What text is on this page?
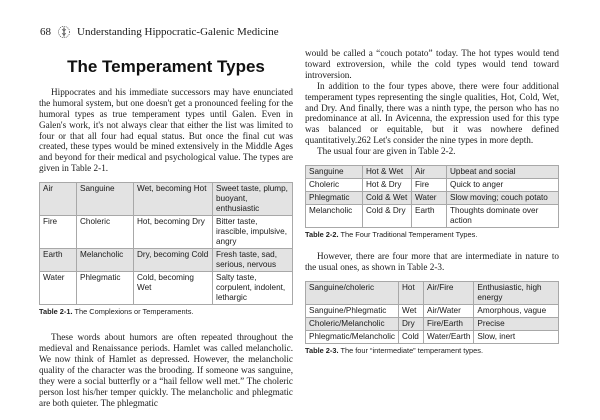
68 Understanding Hippocratic-Galenic Medicine
The Temperament Types

Hippocrates and his immediate successors may have enunciated the humoral system, but one doesn't get a pronounced feeling for the humoral types as true temperament types until Galen. Even in Galen's work, it's not always clear that either the list was limited to four or that all four had equal status. But once the final cut was created, these types would be mined extensively in the Middle Ages and beyond for their medical and psychological value. The types are given in Table 2-1.

Air	Sanguine	Wet, becoming Hot	Sweet taste, plump, buoyant, enthusiastic
Fire	Choleric	Hot, becoming Dry	Bitter taste, irascible, impulsive, angry
Earth	Melancholic	Dry, becoming Cold	Fresh taste, sad, serious, nervous
Water	Phlegmatic	Cold, becoming Wet	Salty taste, corpulent, indolent, lethargic
Table 2-1. The Complexions or Temperaments.

These words about humors are often repeated throughout the medieval and Renaissance periods. Hamlet was called melancholic. We now think of Hamlet as depressed. However, the melancholic quality of the character was the brooding. If someone was sanguine, they were a social butterfly or a “hail fellow well met.” The choleric person lost his/her temper quickly. The melancholic and phlegmatic are both quieter. The phlegmatic

would be called a “couch potato” today. The hot types would tend toward extroversion, while the cold types would tend toward introversion.

In addition to the four types above, there were four additional temperament types representing the single qualities, Hot, Cold, Wet, and Dry. And finally, there was a ninth type, the person who has no predominance at all. In Avicenna, the expression used for this type was balanced or equitable, but it was nowhere defined quantitatively.262 Let's consider the nine types in more depth.

The usual four are given in Table 2-2.

Sanguine	Hot & Wet	Air	Upbeat and social
Choleric	Hot & Dry	Fire	Quick to anger
Phlegmatic	Cold & Wet	Water	Slow moving; couch potato
Melancholic	Cold & Dry	Earth	Thoughts dominate over action
Table 2-2. The Four Traditional Temperament Types.

However, there are four more that are intermediate in nature to the usual ones, as shown in Table 2-3.

Sanguine/choleric	Hot	Air/Fire	Enthusiastic, high energy
Sanguine/Phlegmatic	Wet	Air/Water	Amorphous, vague
Choleric/Melancholic	Dry	Fire/Earth	Precise
Phlegmatic/Melancholic	Cold	Water/Earth	Slow, inert
Table 2-3. The four “intermediate” temperament types.
